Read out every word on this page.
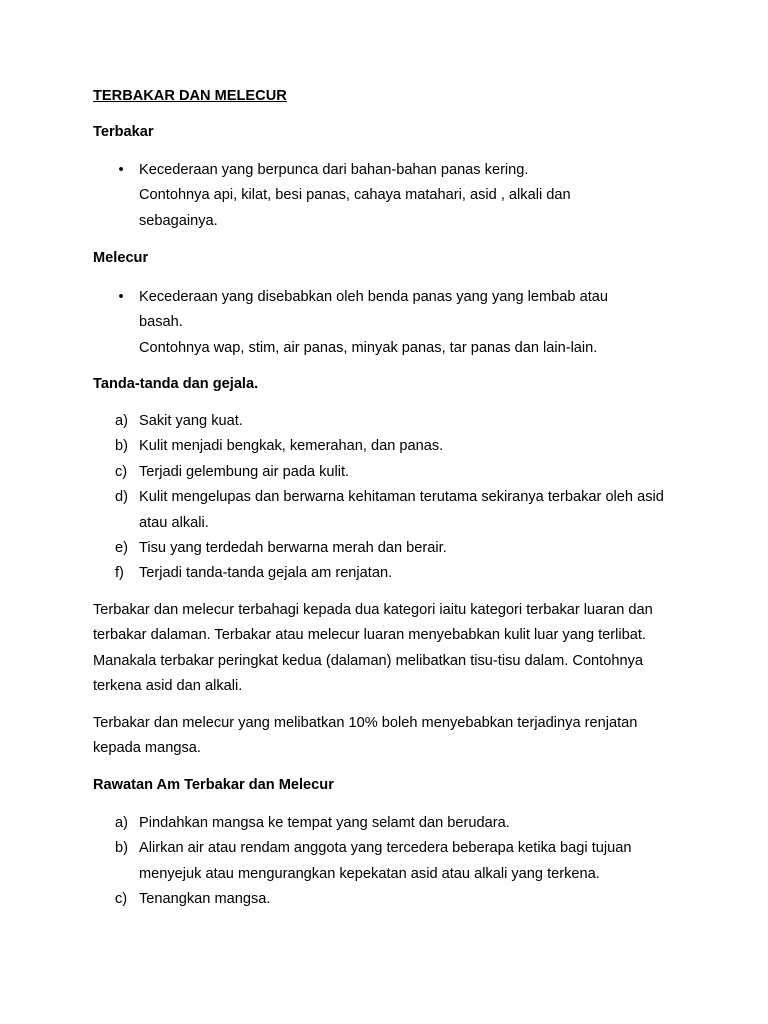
TERBAKAR DAN MELECUR

Terbakar

• Kecederaan yang berpunca dari bahan-bahan panas kering.
Contohnya api, kilat, besi panas, cahaya matahari, asid , alkali dan
sebagainya.

Melecur

• Kecederaan yang disebabkan oleh benda panas yang yang lembab atau
basah.
Contohnya wap, stim, air panas, minyak panas, tar panas dan lain-lain.

Tanda-tanda dan gejala.

a) Sakit yang kuat.
b) Kulit menjadi bengkak, kemerahan, dan panas.
c) Terjadi gelembung air pada kulit.
d) Kulit mengelupas dan berwarna kehitaman terutama sekiranya terbakar oleh asid atau alkali.
e) Tisu yang terdedah berwarna merah dan berair.
f) Terjadi tanda-tanda gejala am renjatan.

Terbakar dan melecur terbahagi kepada dua kategori iaitu kategori terbakar luaran dan terbakar dalaman. Terbakar atau melecur luaran menyebabkan kulit luar yang terlibat. Manakala terbakar peringkat kedua (dalaman) melibatkan tisu-tisu dalam. Contohnya terkena asid dan alkali.

Terbakar dan melecur yang melibatkan 10% boleh menyebabkan terjadinya renjatan kepada mangsa.

Rawatan Am Terbakar dan Melecur

a) Pindahkan mangsa ke tempat yang selamt dan berudara.
b) Alirkan air atau rendam anggota yang tercedera beberapa ketika bagi tujuan menyejuk atau mengurangkan kepekatan asid atau alkali yang terkena.
c) Tenangkan mangsa.
